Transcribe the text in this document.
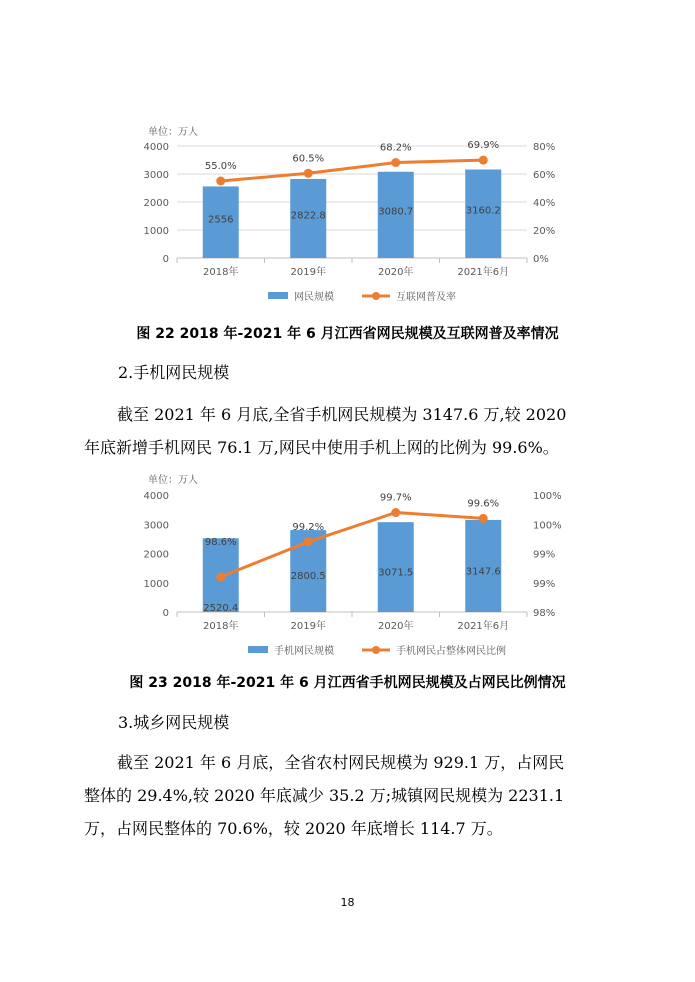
单位：万人
0
1000
2000
3000
4000
0%
20%
40%
60%
80%
2018年	2019年	2020年	2021年6月
2556	2822.8	3080.7	3160.2
55.0%
60.5%
68.2%	69.9%
网民规模	互联网普及率
图 22 2018 年-2021 年 6 月江西省网民规模及互联网普及率情况
2.手机网民规模
截至 2021 年 6 月底,全省手机网民规模为 3147.6 万,较 2020
年底新增手机网民 76.1 万,网民中使用手机上网的比例为 99.6%。
单位：万人
0
1000
2000
3000
4000
98%
99%
99%
100%
100%
2018年	2019年	2020年	2021年6月
2520.4
2800.5	3071.5	3147.6
98.6%
99.2%
99.7%
99.6%
手机网民规模	手机网民占整体网民比例
图 23 2018 年-2021 年 6 月江西省手机网民规模及占网民比例情况
3.城乡网民规模
截至 2021 年 6 月底，全省农村网民规模为 929.1 万，占网民
整体的 29.4%,较 2020 年底减少 35.2 万;城镇网民规模为 2231.1
万，占网民整体的 70.6%，较 2020 年底增长 114.7 万。
18
